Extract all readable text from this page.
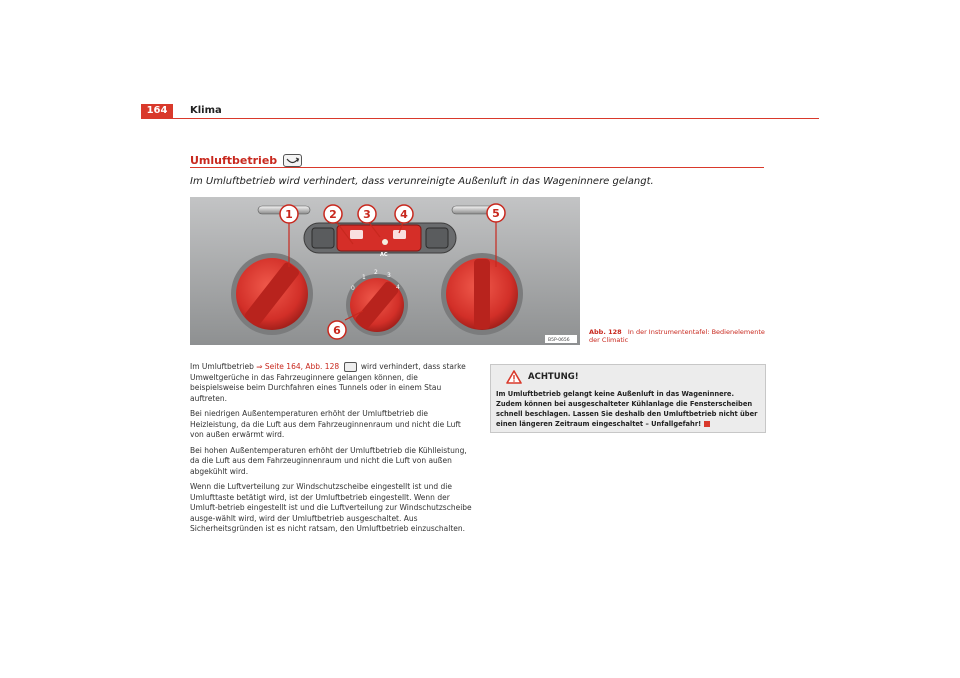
164	Klima
Umluftbetrieb
Im Umluftbetrieb wird verhindert, dass verunreinigte Außenluft in das Wageninnere gelangt.
AC
0
1
2 3
4
1	2 3	4	5
6
B5P-0656
Abb. 128 In der Instrumententafel: Bedienelemente der Climatic

Im Umluftbetrieb ⇒ Seite 164, Abb. 128	wird verhindert, dass starke Umweltgerüche in das Fahrzeuginnere gelangen können, die beispielsweise beim Durchfahren eines Tunnels oder in einem Stau auftreten.

Bei niedrigen Außentemperaturen erhöht der Umluftbetrieb die Heizleistung, da die Luft aus dem Fahrzeuginnenraum und nicht die Luft von außen erwärmt wird.

Bei hohen Außentemperaturen erhöht der Umluftbetrieb die Kühlleistung, da die Luft aus dem Fahrzeuginnenraum und nicht die Luft von außen abgekühlt wird.

Wenn die Luftverteilung zur Windschutzscheibe eingestellt ist und die Umlufttaste betätigt wird, ist der Umluftbetrieb eingestellt. Wenn der Umluft-betrieb eingestellt ist und die Luftverteilung zur Windschutzscheibe ausge-wählt wird, wird der Umluftbetrieb ausgeschaltet. Aus Sicherheitsgründen ist es nicht ratsam, den Umluftbetrieb einzuschalten.

ACHTUNG!
Im Umluftbetrieb gelangt keine Außenluft in das Wageninnere. Zudem können bei ausgeschalteter Kühlanlage die Fensterscheiben schnell beschlagen. Lassen Sie deshalb den Umluftbetrieb nicht über einen längeren Zeitraum eingeschaltet – Unfallgefahr!
